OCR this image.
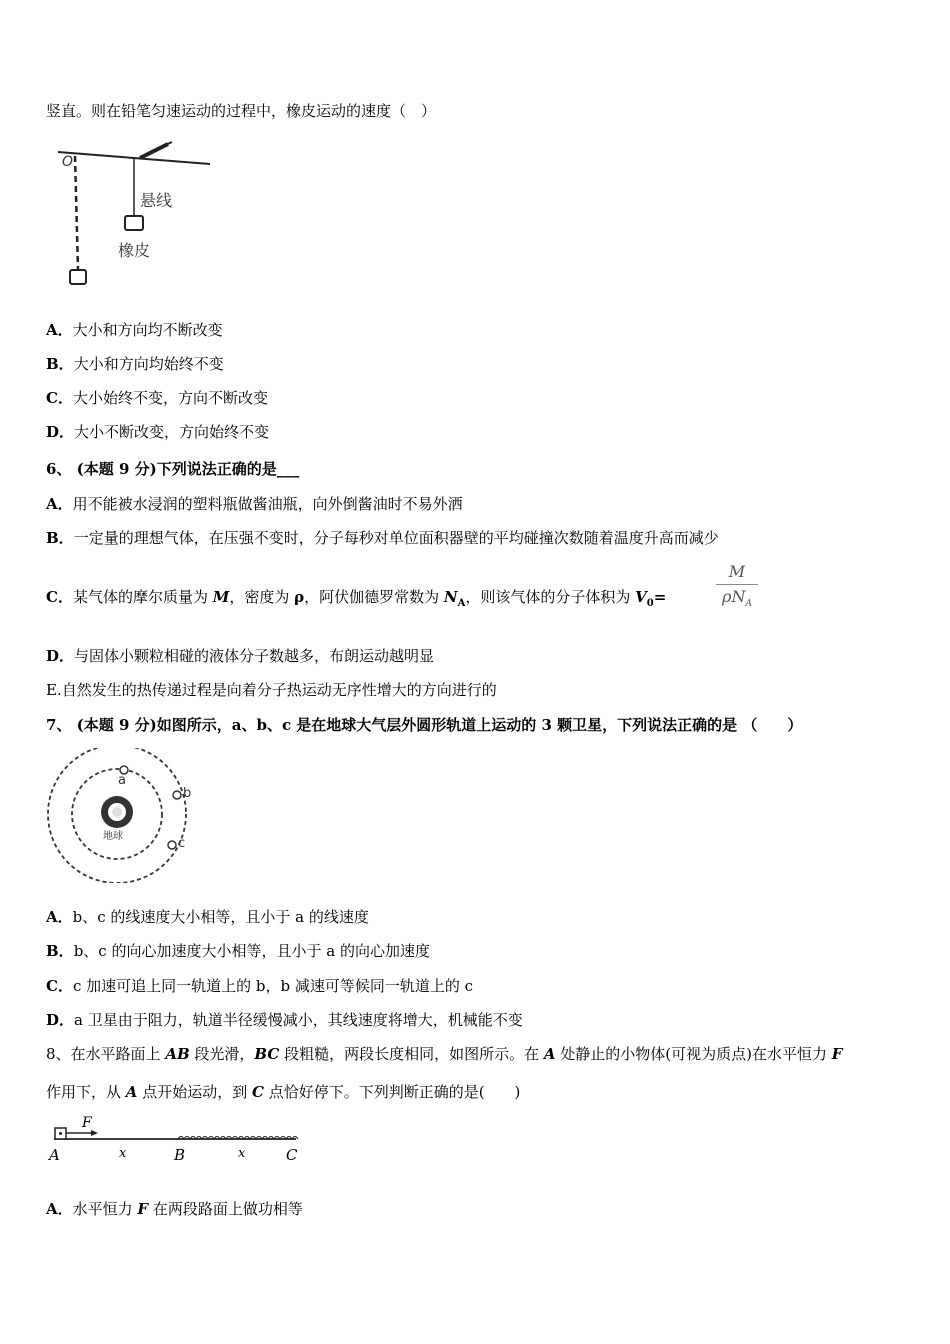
竖直。则在铅笔匀速运动的过程中，橡皮运动的速度（　）
O
悬线
橡皮
A．大小和方向均不断改变
B．大小和方向均始终不变
C．大小始终不变，方向不断改变
D．大小不断改变，方向始终不变
6、 (本题 9 分)下列说法正确的是___
A．用不能被水浸润的塑料瓶做酱油瓶，向外倒酱油时不易外洒
B．一定量的理想气体，在压强不变时，分子每秒对单位面积器壁的平均碰撞次数随着温度升高而减少
C．某气体的摩尔质量为 M，密度为 ρ，阿伏伽德罗常数为 $N_A$，则该气体的分子体积为 $V_0=$
M
$\rho N_A$
D．与固体小颗粒相碰的液体分子数越多，布朗运动越明显
E.自然发生的热传递过程是向着分子热运动无序性增大的方向进行的
7、 (本题 9 分)如图所示，a、b、c 是在地球大气层外圆形轨道上运动的 3 颗卫星，下列说法正确的是 （　　）
地球
a
b
c
A．b、c 的线速度大小相等，且小于 a 的线速度
B．b、c 的向心加速度大小相等，且小于 a 的向心加速度
C．c 加速可追上同一轨道上的 b，b 减速可等候同一轨道上的 c
D．a 卫星由于阻力，轨道半径缓慢减小，其线速度将增大，机械能不变
8、在水平路面上 AB 段光滑，BC 段粗糙，两段长度相同，如图所示。在 A 处静止的小物体(可视为质点)在水平恒力 F
作用下，从 A 点开始运动，到 C 点恰好停下。下列判断正确的是(　　)
F
A	x	B	x	C
A．水平恒力 F 在两段路面上做功相等
